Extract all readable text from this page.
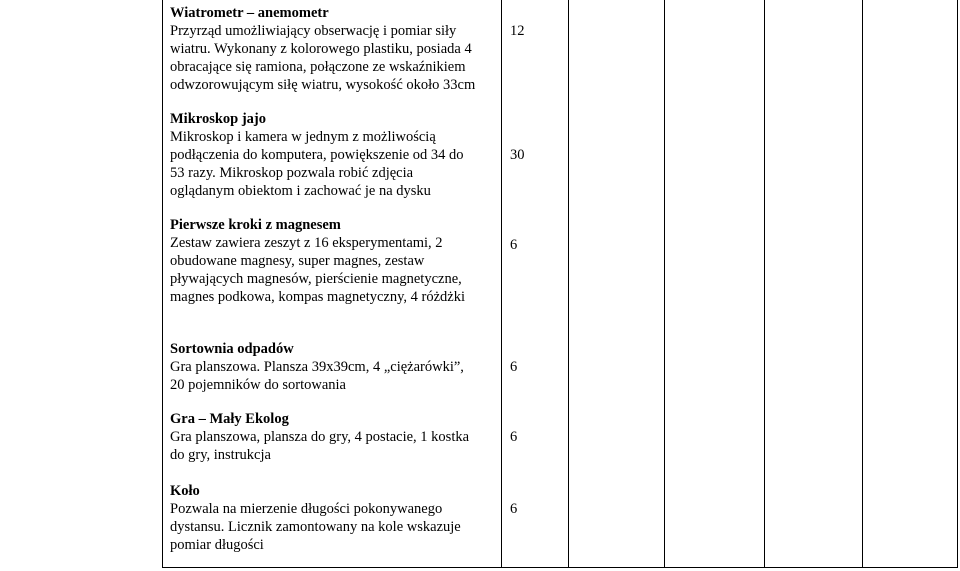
Wiatrometr – anemometr
Przyrząd umożliwiający obserwację i pomiar siły
wiatru. Wykonany z kolorowego plastiku, posiada 4
obracające się ramiona, połączone ze wskaźnikiem
odwzorowującym siłę wiatru, wysokość około 33cm
12
Mikroskop jajo
Mikroskop i kamera w jednym z możliwością
podłączenia do komputera, powiększenie od 34 do
53 razy. Mikroskop pozwala robić zdjęcia
oglądanym obiektom i zachować je na dysku
30
Pierwsze kroki z magnesem
Zestaw zawiera zeszyt z 16 eksperymentami, 2
obudowane magnesy, super magnes, zestaw
pływających magnesów, pierścienie magnetyczne,
magnes podkowa, kompas magnetyczny, 4 różdżki
6
Sortownia odpadów
Gra planszowa. Plansza 39x39cm, 4 „ciężarówki”,
20 pojemników do sortowania
6
Gra – Mały Ekolog
Gra planszowa, plansza do gry, 4 postacie, 1 kostka
do gry, instrukcja
6
Koło
Pozwala na mierzenie długości pokonywanego
dystansu. Licznik zamontowany na kole wskazuje
pomiar długości
6
